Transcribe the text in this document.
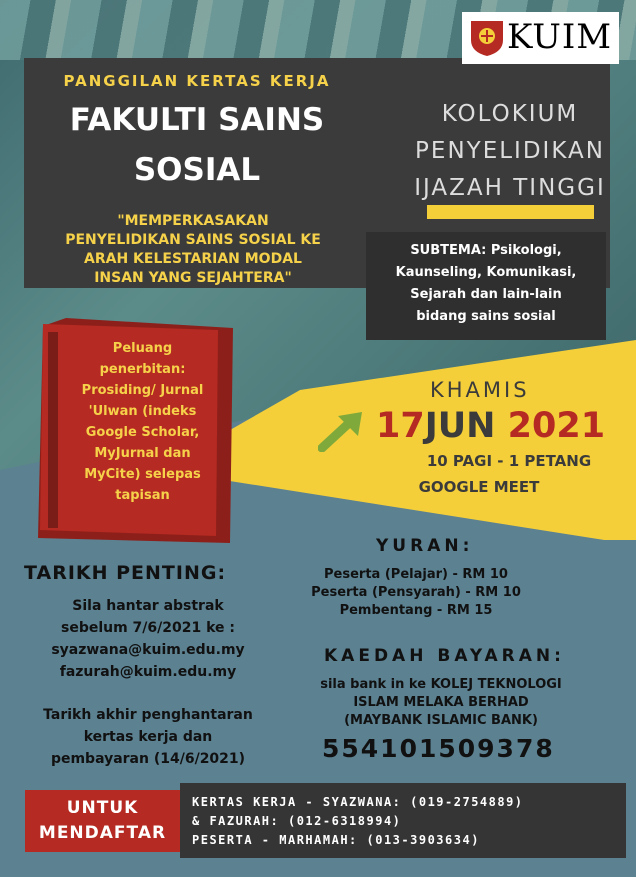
KUIM
PANGGILAN KERTAS KERJA
FAKULTI SAINS
SOSIAL
"MEMPERKASAKAN
PENYELIDIKAN SAINS SOSIAL KE
ARAH KELESTARIAN MODAL
INSAN YANG SEJAHTERA"
KOLOKIUM
PENYELIDIKAN
IJAZAH TINGGI
SUBTEMA: Psikologi,
Kaunseling, Komunikasi,
Sejarah dan lain-lain
bidang sains sosial
Peluang
penerbitan:
Prosiding/ Jurnal
'Ulwan (indeks
Google Scholar,
MyJurnal dan
MyCite) selepas
tapisan
KHAMIS
17JUN 2021
10 PAGI - 1 PETANG
GOOGLE MEET
TARIKH PENTING:
Sila hantar abstrak
sebelum 7/6/2021 ke :
syazwana@kuim.edu.my
fazurah@kuim.edu.my
Tarikh akhir penghantaran
kertas kerja dan
pembayaran (14/6/2021)
YURAN:
Peserta (Pelajar) - RM 10
Peserta (Pensyarah) - RM 10
Pembentang - RM 15
KAEDAH BAYARAN:
sila bank in ke KOLEJ TEKNOLOGI
ISLAM MELAKA BERHAD
(MAYBANK ISLAMIC BANK)
554101509378
UNTUK
MENDAFTAR
KERTAS KERJA - SYAZWANA: (019-2754889)
& FAZURAH: (012-6318994)
PESERTA - MARHAMAH: (013-3903634)
